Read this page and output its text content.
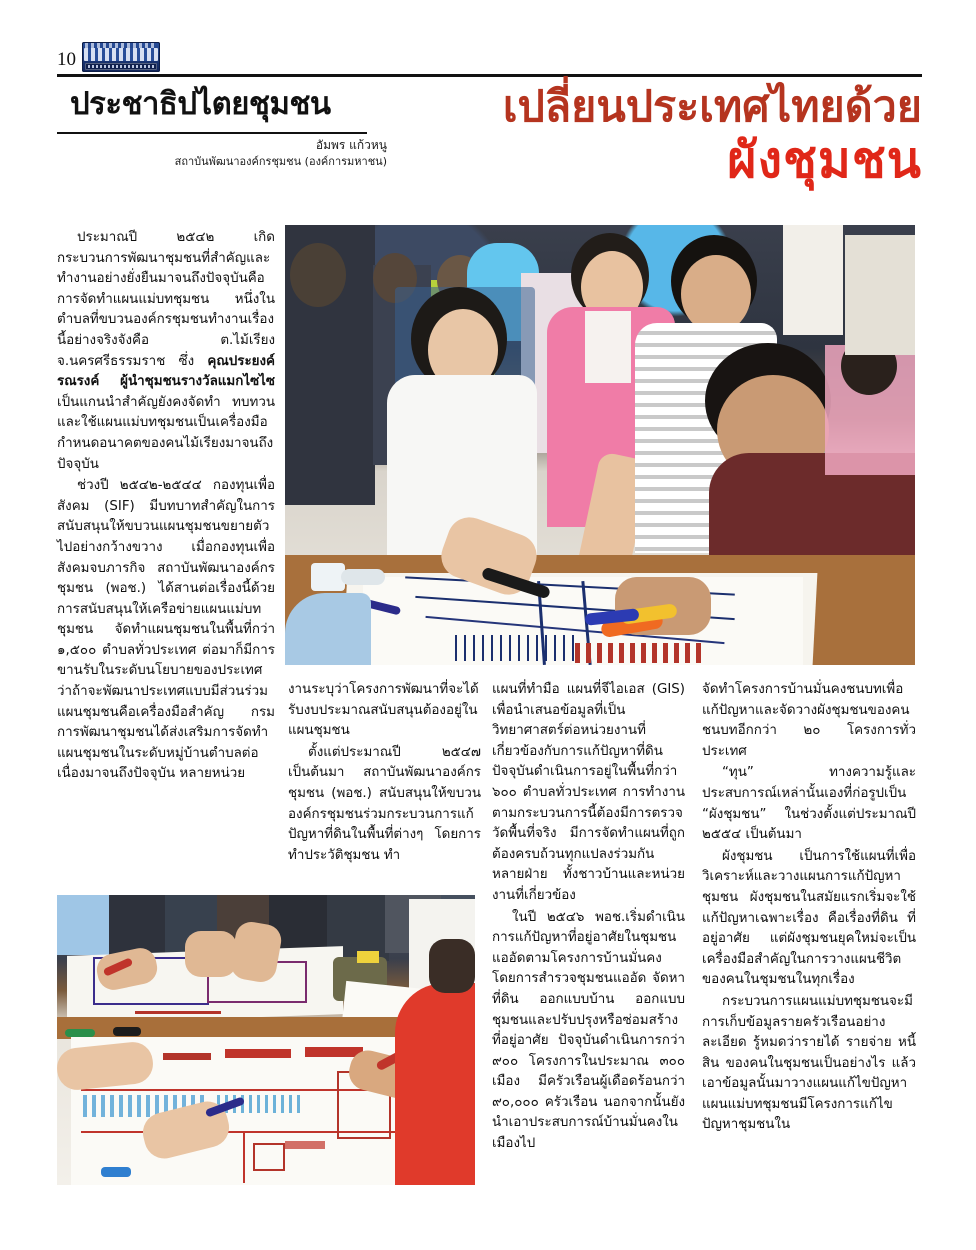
10
ประชาธิปไตยชุมชน
อัมพร แก้วหนู
สถาบันพัฒนาองค์กรชุมชน (องค์การมหาชน)
เปลี่ยนประเทศไทยด้วย
ผังชุมชน

ประมาณปี ๒๕๔๒ เกิดกระบวนการพัฒนาชุมชนที่สำคัญและทำงานอย่างยั่งยืนมาจนถึงปัจจุบันคือการจัดทำแผนแม่บทชุมชน หนึ่งในตำบลที่ขบวนองค์กรชุมชนทำงานเรื่องนี้อย่างจริงจังคือ ต.ไม้เรียง จ.นครศรีธรรมราช ซึ่ง คุณประยงค์ รณรงค์ ผู้นำชุมชนรางวัลแมกไซไซ เป็นแกนนำสำคัญยังคงจัดทำ ทบทวนและใช้แผนแม่บทชุมชนเป็นเครื่องมือกำหนดอนาคตของคนไม้เรียงมาจนถึงปัจจุบัน

ช่วงปี ๒๕๔๒-๒๕๔๔ กองทุนเพื่อสังคม (SIF) มีบทบาทสำคัญในการสนับสนุนให้ขบวนแผนชุมชนขยายตัวไปอย่างกว้างขวาง เมื่อกองทุนเพื่อสังคมจบภารกิจ สถาบันพัฒนาองค์กรชุมชน (พอช.) ได้สานต่อเรื่องนี้ด้วยการสนับสนุนให้เครือข่ายแผนแม่บทชุมชน จัดทำแผนชุมชนในพื้นที่กว่า ๑,๕๐๐ ตำบลทั่วประเทศ ต่อมาก็มีการขานรับในระดับนโยบายของประเทศว่าถ้าจะพัฒนาประเทศแบบมีส่วนร่วมแผนชุมชนคือเครื่องมือสำคัญ กรมการพัฒนาชุมชนได้ส่งเสริมการจัดทำแผนชุมชนในระดับหมู่บ้านตำบลต่อเนื่องมาจนถึงปัจจุบัน หลายหน่วย

งานระบุว่าโครงการพัฒนาที่จะได้รับงบประมาณสนับสนุนต้องอยู่ในแผนชุมชน

ตั้งแต่ประมาณปี ๒๕๔๗ เป็นต้นมา สถาบันพัฒนาองค์กรชุมชน (พอช.) สนับสนุนให้ขบวนองค์กรชุมชนร่วมกระบวนการแก้ปัญหาที่ดินในพื้นที่ต่างๆ โดยการทำประวัติชุมชน ทำ

แผนที่ทำมือ แผนที่จีไอเอส (GIS) เพื่อนำเสนอข้อมูลที่เป็นวิทยาศาสตร์ต่อหน่วยงานที่เกี่ยวข้องกับการแก้ปัญหาที่ดิน ปัจจุบันดำเนินการอยู่ในพื้นที่กว่า ๖๐๐ ตำบลทั่วประเทศ การทำงานตามกระบวนการนี้ต้องมีการตรวจวัดพื้นที่จริง มีการจัดทำแผนที่ถูกต้องครบถ้วนทุกแปลงร่วมกันหลายฝ่าย ทั้งชาวบ้านและหน่วยงานที่เกี่ยวข้อง

ในปี ๒๕๔๖ พอช.เริ่มดำเนินการแก้ปัญหาที่อยู่อาศัยในชุมชนแออัดตามโครงการบ้านมั่นคง โดยการสำรวจชุมชนแออัด จัดหาที่ดิน ออกแบบบ้าน ออกแบบชุมชนและปรับปรุงหรือซ่อมสร้างที่อยู่อาศัย ปัจจุบันดำเนินการกว่า ๙๐๐ โครงการในประมาณ ๓๐๐ เมือง มีครัวเรือนผู้เดือดร้อนกว่า ๙๐,๐๐๐ ครัวเรือน นอกจากนั้นยังนำเอาประสบการณ์บ้านมั่นคงในเมืองไป

จัดทำโครงการบ้านมั่นคงชนบทเพื่อแก้ปัญหาและจัดวางผังชุมชนของคนชนบทอีกกว่า ๒๐ โครงการทั่วประเทศ

“ทุน” ทางความรู้และประสบการณ์เหล่านั้นเองที่ก่อรูปเป็น “ผังชุมชน” ในช่วงตั้งแต่ประมาณปี ๒๕๕๔ เป็นต้นมา

ผังชุมชน เป็นการใช้แผนที่เพื่อวิเคราะห์และวางแผนการแก้ปัญหาชุมชน ผังชุมชนในสมัยแรกเริ่มจะใช้แก้ปัญหาเฉพาะเรื่อง คือเรื่องที่ดิน ที่อยู่อาศัย แต่ผังชุมชนยุคใหม่จะเป็นเครื่องมือสำคัญในการวางแผนชีวิตของคนในชุมชนในทุกเรื่อง

กระบวนการแผนแม่บทชุมชนจะมีการเก็บข้อมูลรายครัวเรือนอย่างละเอียด รู้หมดว่ารายได้ รายจ่าย หนี้สิน ของคนในชุมชนเป็นอย่างไร แล้วเอาข้อมูลนั้นมาวางแผนแก้ไขปัญหา แผนแม่บทชุมชนมีโครงการแก้ไขปัญหาชุมชนใน
